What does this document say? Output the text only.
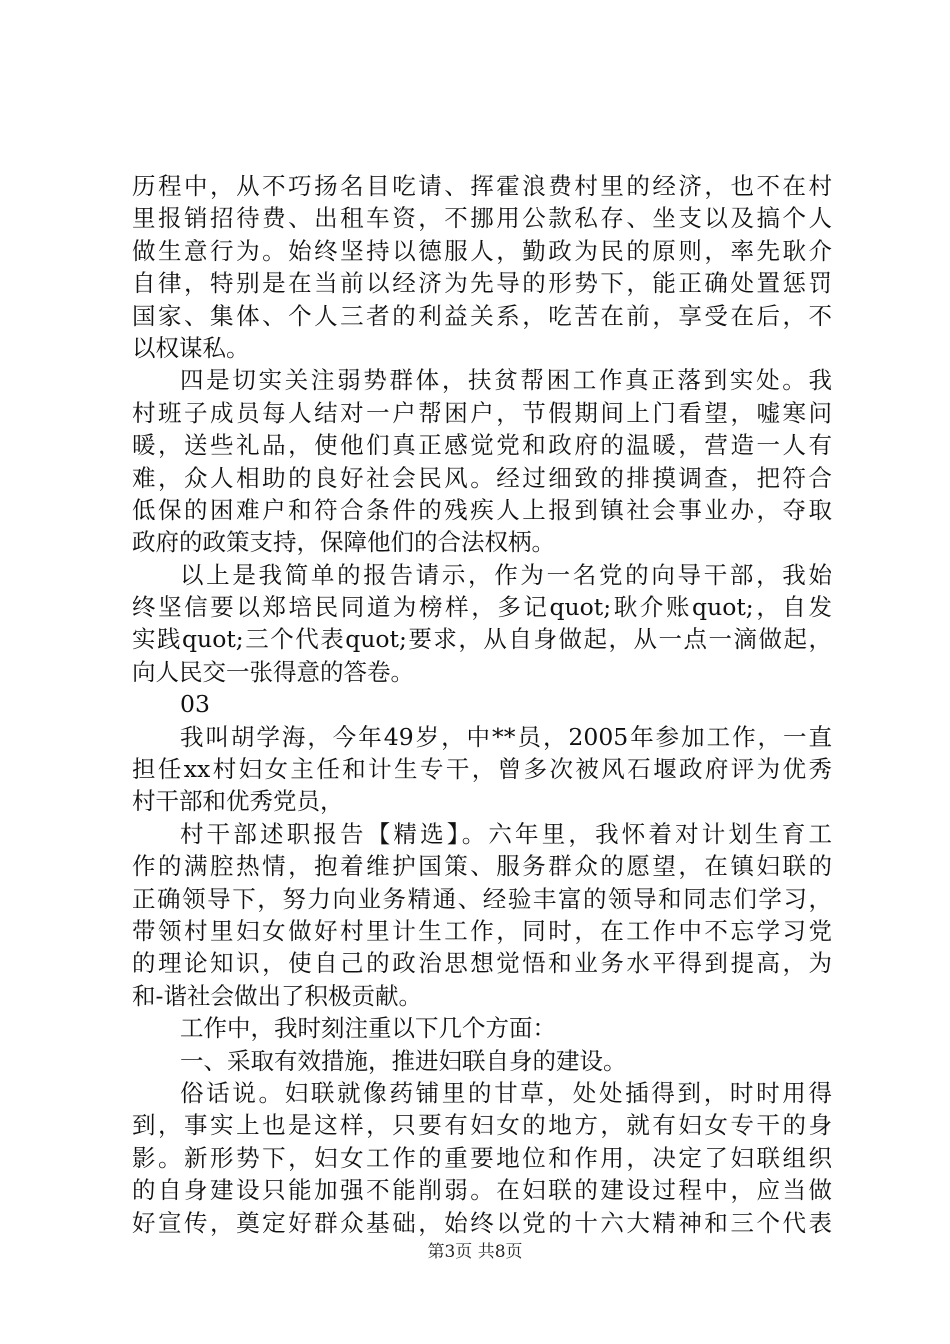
历程中，从不巧扬名目吃请、挥霍浪费村里的经济，也不在村
里报销招待费、出租车资，不挪用公款私存、坐支以及搞个人
做生意行为。始终坚持以德服人，勤政为民的原则，率先耿介
自律，特别是在当前以经济为先导的形势下，能正确处置惩罚
国家、集体、个人三者的利益关系，吃苦在前，享受在后，不
以权谋私。
四是切实关注弱势群体，扶贫帮困工作真正落到实处。我
村班子成员每人结对一户帮困户，节假期间上门看望，嘘寒问
暖，送些礼品，使他们真正感觉党和政府的温暖，营造一人有
难，众人相助的良好社会民风。经过细致的排摸调查，把符合
低保的困难户和符合条件的残疾人上报到镇社会事业办，夺取
政府的政策支持，保障他们的合法权柄。
以上是我简单的报告请示，作为一名党的向导干部，我始
终坚信要以郑培民同道为榜样，多记quot;耿介账quot;，自发
实践quot;三个代表quot;要求，从自身做起，从一点一滴做起，
向人民交一张得意的答卷。
03
我叫胡学海，今年49岁，中**员，2005年参加工作，一直
担任xx村妇女主任和计生专干，曾多次被风石堰政府评为优秀
村干部和优秀党员，
村干部述职报告【精选】。六年里，我怀着对计划生育工
作的满腔热情，抱着维护国策、服务群众的愿望，在镇妇联的
正确领导下，努力向业务精通、经验丰富的领导和同志们学习，
带领村里妇女做好村里计生工作，同时，在工作中不忘学习党
的理论知识，使自己的政治思想觉悟和业务水平得到提高，为
和-谐社会做出了积极贡献。
工作中，我时刻注重以下几个方面：
一、采取有效措施，推进妇联自身的建设。
俗话说。妇联就像药铺里的甘草，处处插得到，时时用得
到，事实上也是这样，只要有妇女的地方，就有妇女专干的身
影。新形势下，妇女工作的重要地位和作用，决定了妇联组织
的自身建设只能加强不能削弱。在妇联的建设过程中，应当做
好宣传，奠定好群众基础，始终以党的十六大精神和三个代表
第3页 共8页
